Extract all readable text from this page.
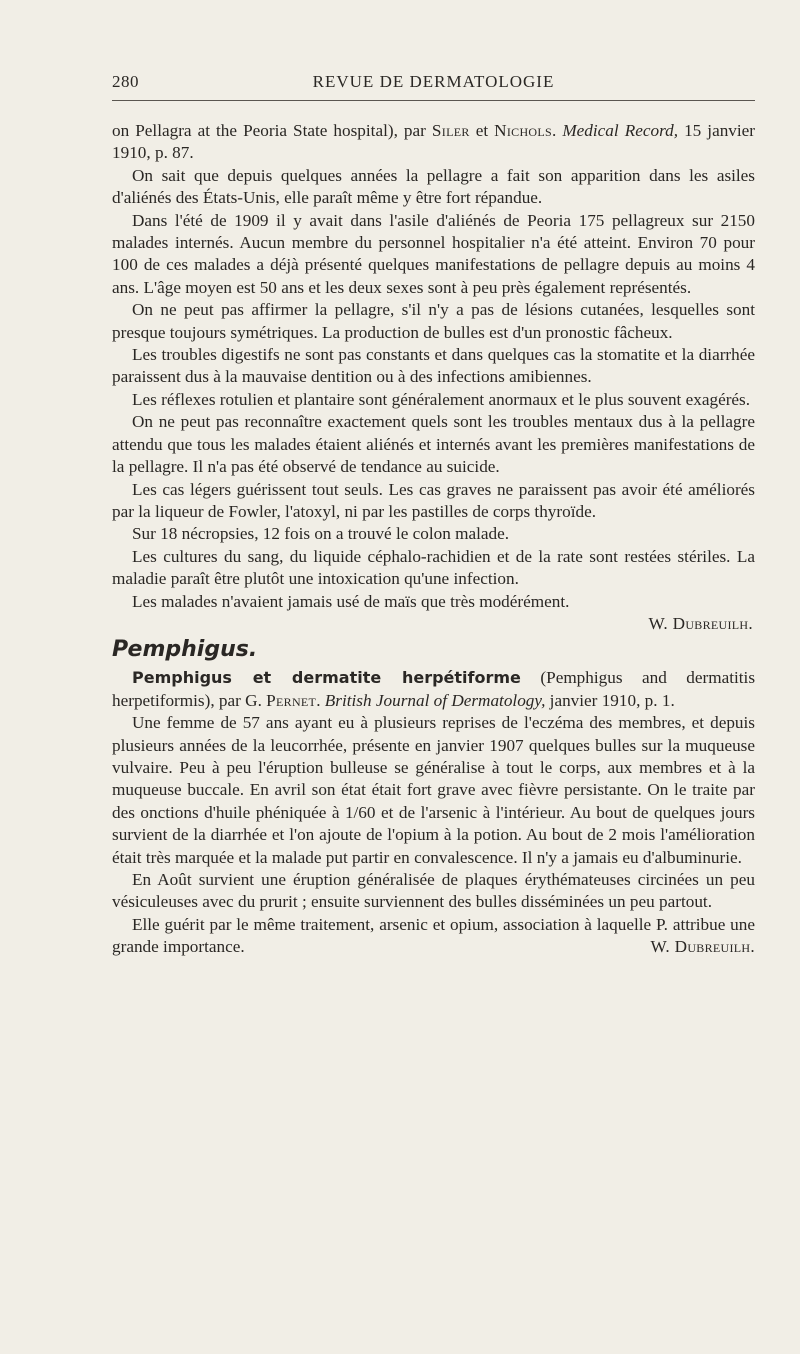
280	REVUE DE DERMATOLOGIE

on Pellagra at the Peoria State hospital), par Siler et Nichols. Medical Record, 15 janvier 1910, p. 87.

On sait que depuis quelques années la pellagre a fait son apparition dans les asiles d'aliénés des États-Unis, elle paraît même y être fort répandue.

Dans l'été de 1909 il y avait dans l'asile d'aliénés de Peoria 175 pellagreux sur 2150 malades internés. Aucun membre du personnel hospitalier n'a été atteint. Environ 70 pour 100 de ces malades a déjà présenté quelques manifestations de pellagre depuis au moins 4 ans. L'âge moyen est 50 ans et les deux sexes sont à peu près également représentés.

On ne peut pas affirmer la pellagre, s'il n'y a pas de lésions cutanées, lesquelles sont presque toujours symétriques. La production de bulles est d'un pronostic fâcheux.

Les troubles digestifs ne sont pas constants et dans quelques cas la stomatite et la diarrhée paraissent dus à la mauvaise dentition ou à des infections amibiennes.

Les réflexes rotulien et plantaire sont généralement anormaux et le plus souvent exagérés.

On ne peut pas reconnaître exactement quels sont les troubles mentaux dus à la pellagre attendu que tous les malades étaient aliénés et internés avant les premières manifestations de la pellagre. Il n'a pas été observé de tendance au suicide.

Les cas légers guérissent tout seuls. Les cas graves ne paraissent pas avoir été améliorés par la liqueur de Fowler, l'atoxyl, ni par les pastilles de corps thyroïde.

Sur 18 nécropsies, 12 fois on a trouvé le colon malade.

Les cultures du sang, du liquide céphalo-rachidien et de la rate sont restées stériles. La maladie paraît être plutôt une intoxication qu'une infection.

Les malades n'avaient jamais usé de maïs que très modérément.

W. Dubreuilh.

Pemphigus.

Pemphigus et dermatite herpétiforme (Pemphigus and dermatitis herpetiformis), par G. Pernet. British Journal of Dermatology, janvier 1910, p. 1.

Une femme de 57 ans ayant eu à plusieurs reprises de l'eczéma des membres, et depuis plusieurs années de la leucorrhée, présente en janvier 1907 quelques bulles sur la muqueuse vulvaire. Peu à peu l'éruption bulleuse se généralise à tout le corps, aux membres et à la muqueuse buccale. En avril son état était fort grave avec fièvre persistante. On le traite par des onctions d'huile phéniquée à 1/60 et de l'arsenic à l'intérieur. Au bout de quelques jours survient de la diarrhée et l'on ajoute de l'opium à la potion. Au bout de 2 mois l'amélioration était très marquée et la malade put partir en convalescence. Il n'y a jamais eu d'albuminurie.

En Août survient une éruption généralisée de plaques érythémateuses circinées un peu vésiculeuses avec du prurit ; ensuite surviennent des bulles disséminées un peu partout.

Elle guérit par le même traitement, arsenic et opium, association à laquelle P. attribue une grande importance.	W. Dubreuilh.
